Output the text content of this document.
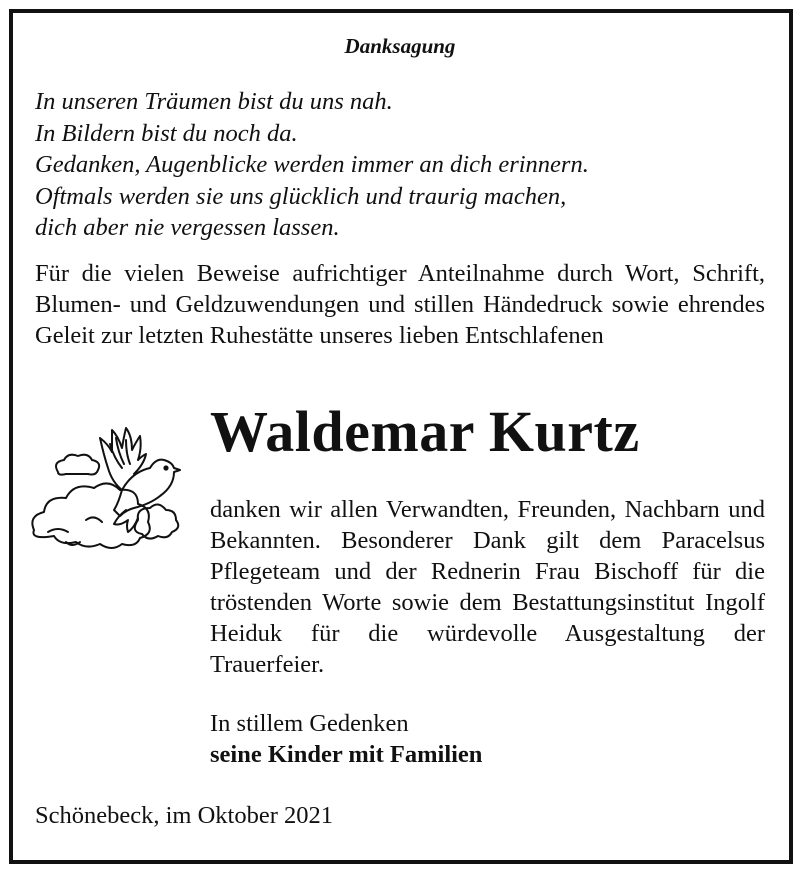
Danksagung
In unseren Träumen bist du uns nah.
In Bildern bist du noch da.
Gedanken, Augenblicke werden immer an dich erinnern.
Oftmals werden sie uns glücklich und traurig machen,
dich aber nie vergessen lassen.
Für die vielen Beweise aufrichtiger Anteilnahme durch Wort, Schrift, Blumen- und Geldzuwendungen und stillen Händedruck sowie ehrendes Geleit zur letzten Ruhestätte unseres lieben Entschlafenen
Waldemar Kurtz
danken wir allen Verwandten, Freunden, Nachbarn und Bekannten. Besonderer Dank gilt dem Paracelsus Pflegeteam und der Rednerin Frau Bischoff für die tröstenden Worte sowie dem Bestattungsinstitut Ingolf Heiduk für die würdevolle Ausgestaltung der Trauerfeier.
In stillem Gedenken
seine Kinder mit Familien
Schönebeck, im Oktober 2021
